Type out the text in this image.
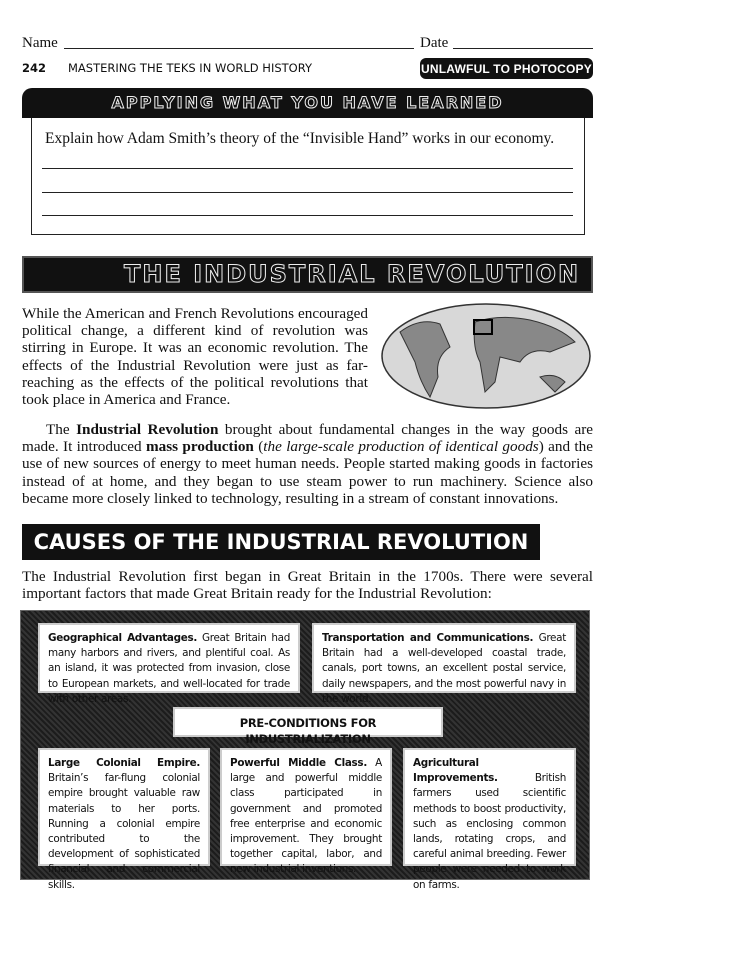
Name	Date
242 MASTERING THE TEKS IN WORLD HISTORY	UNLAWFUL TO PHOTOCOPY
APPLYING WHAT YOU HAVE LEARNED
Explain how Adam Smith’s theory of the “Invisible Hand” works in our economy.
THE INDUSTRIAL REVOLUTION

While the American and French Revolutions encouraged political change, a different kind of revolution was stirring in Europe. It was an economic revolution. The effects of the Industrial Revolution were just as far-reaching as the effects of the political revolutions that took place in America and France.

The Industrial Revolution brought about fundamental changes in the way goods are made. It introduced mass production (the large-scale production of identical goods) and the use of new sources of energy to meet human needs. People started making goods in factories instead of at home, and they began to use steam power to run machinery. Science also became more closely linked to technology, resulting in a stream of constant innovations.

CAUSES OF THE INDUSTRIAL REVOLUTION

The Industrial Revolution first began in Great Britain in the 1700s. There were several important factors that made Great Britain ready for the Industrial Revolution:

Geographical Advantages. Great Britain had many harbors and rivers, and plentiful coal. As an island, it was protected from invasion, close to European markets, and well-located for trade with other areas.
Transportation and Communications. Great Britain had a well-developed coastal trade, canals, port towns, an excellent postal service, daily newspapers, and the most powerful navy in the world.
PRE-CONDITIONS FOR INDUSTRIALIZATION
Large Colonial Empire. Britain’s far-flung colonial empire brought valuable raw materials to her ports. Running a colonial empire contributed to the development of sophisticated financial and commercial skills.
Powerful Middle Class. A large and powerful middle class participated in government and promoted free enterprise and economic improvement. They brought together capital, labor, and new industrial inventions.
Agricultural Improvements. British farmers used scientific methods to boost productivity, such as enclosing common lands, rotating crops, and careful animal breeding. Fewer people were needed to work on farms.
